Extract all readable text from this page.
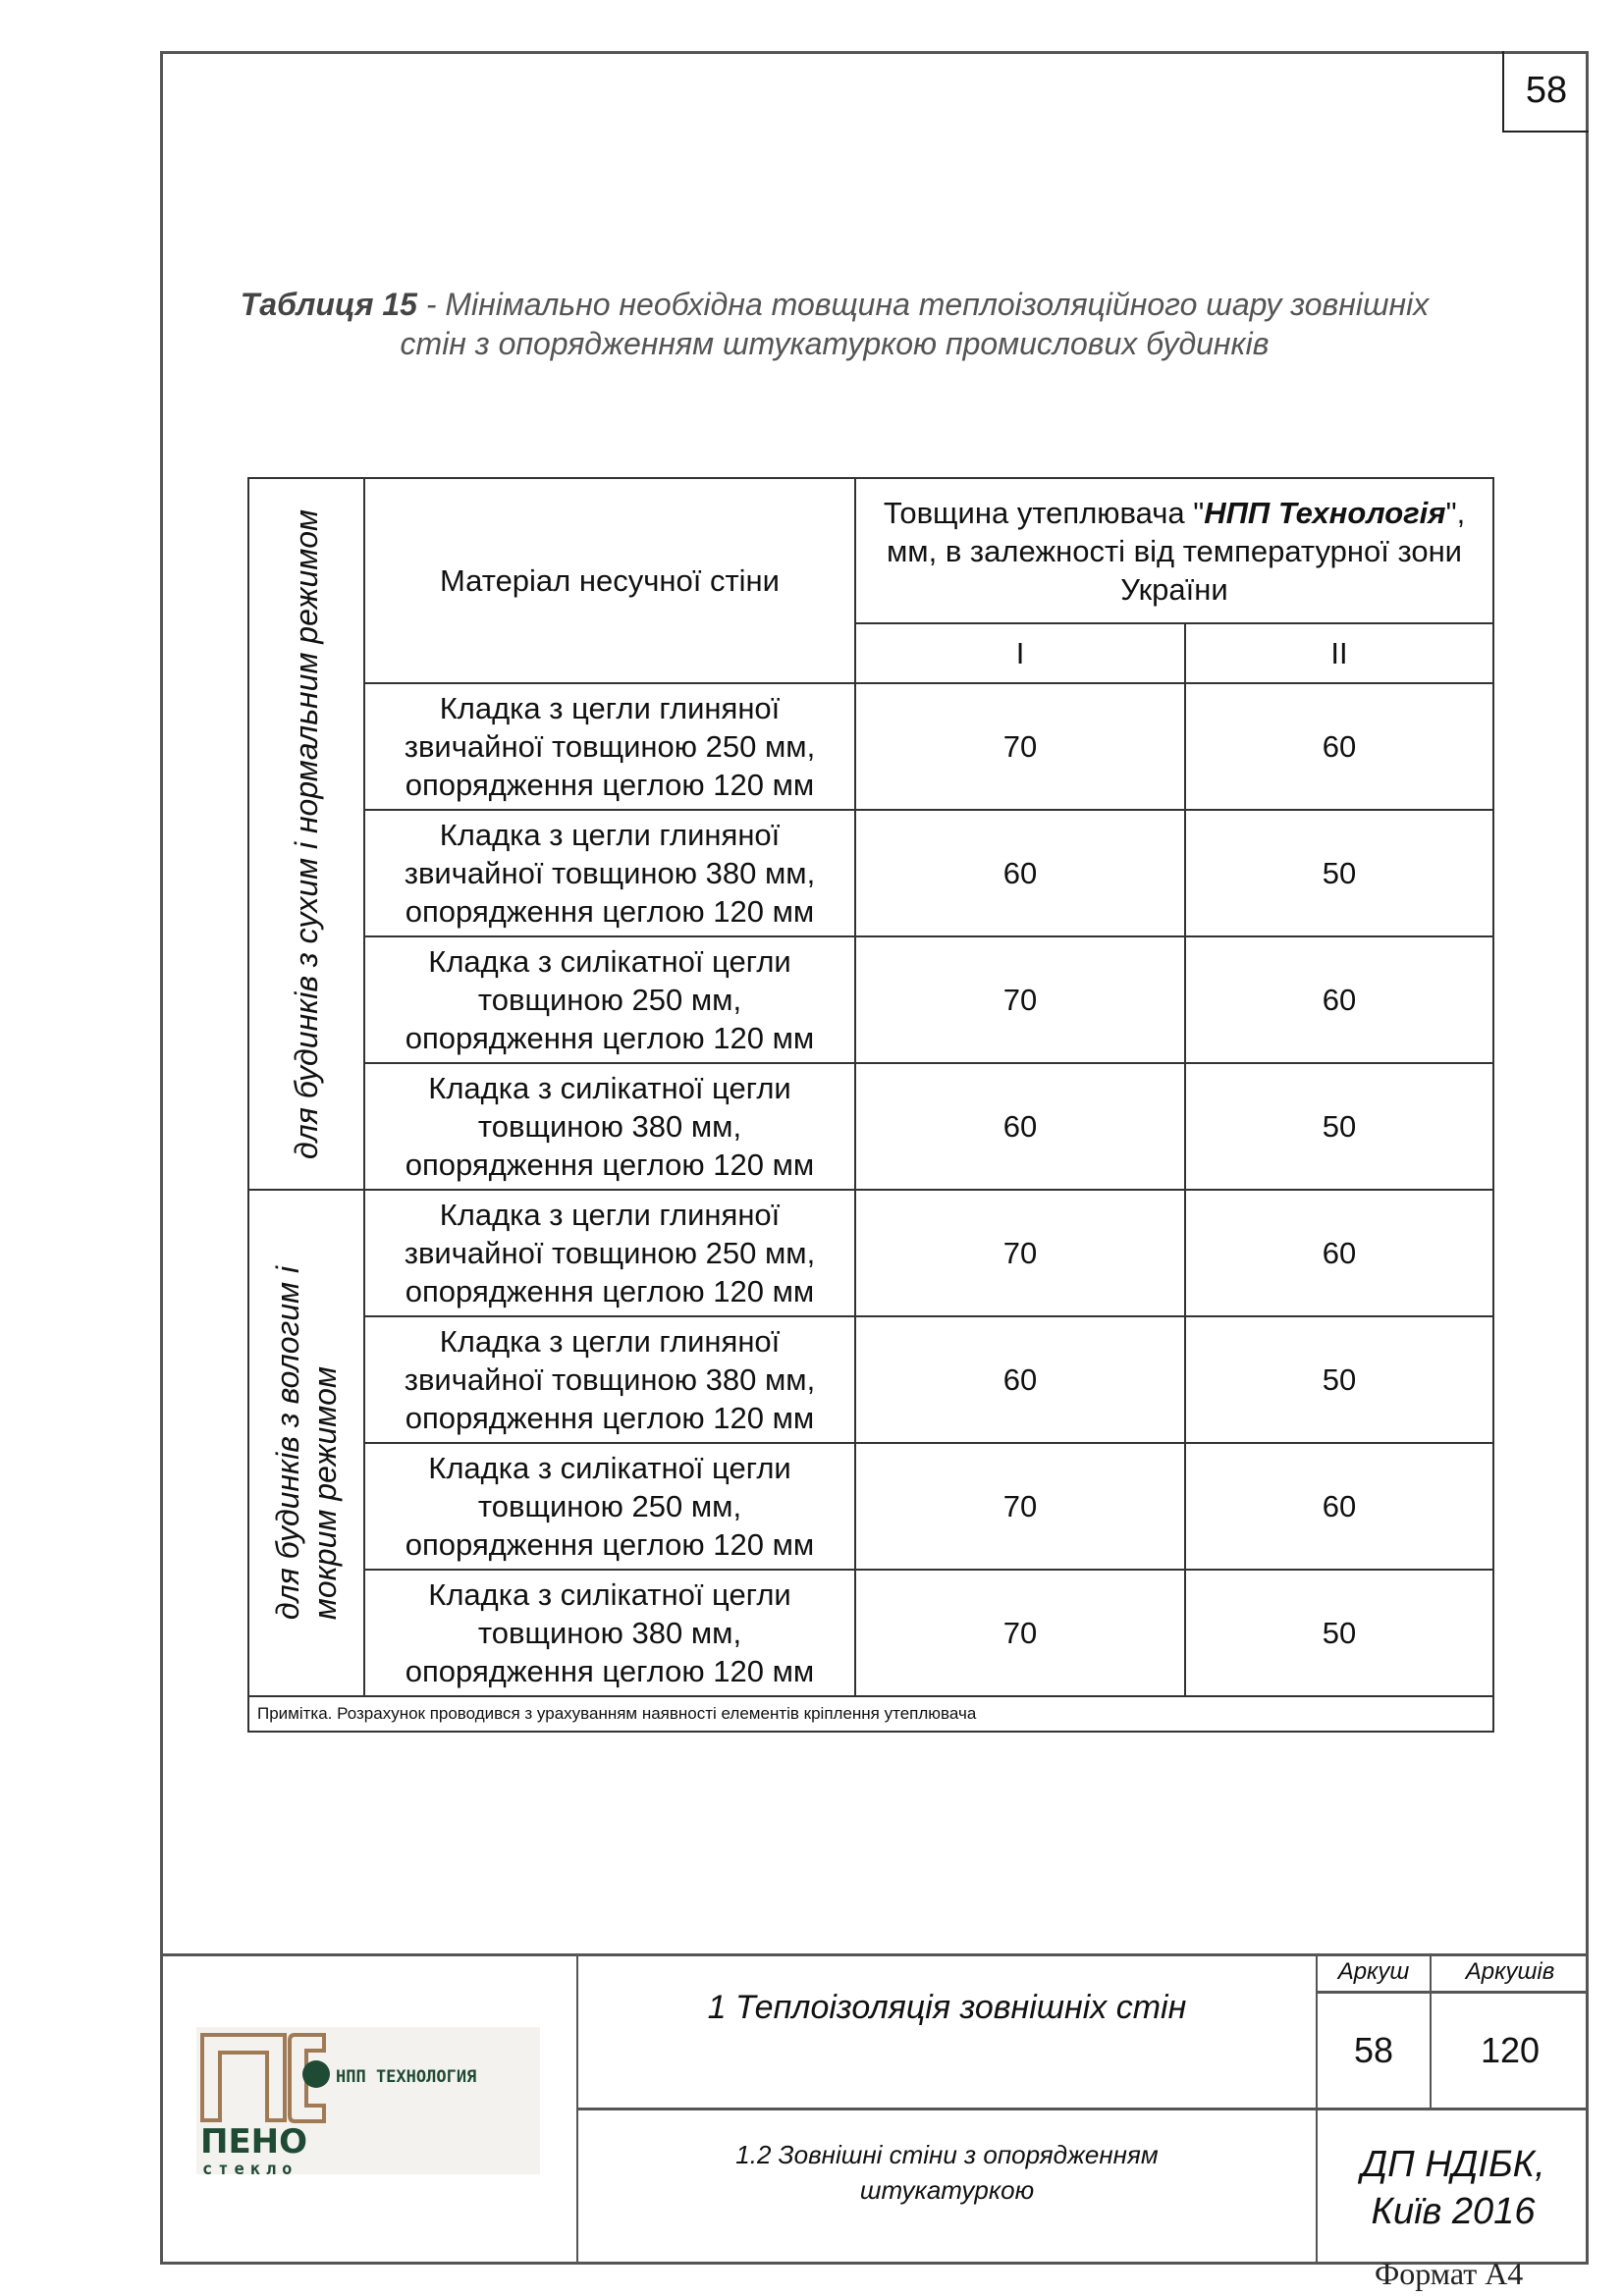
58
Таблиця 15 - Мінімально необхідна товщина теплоізоляційного шару зовнішніх
стін з опорядженням штукатуркою промислових будинків
для будинків з сухим і нормальним режимом	Матеріал несучної стіни	Товщина утеплювача "НПП Технологія",
мм, в залежності від температурної зони
України	

		I	II

	Кладка з цегли глиняної
звичайної товщиною 250 мм,
опорядження цеглою 120 мм	70	60

	Кладка з цегли глиняної
звичайної товщиною 380 мм,
опорядження цеглою 120 мм	60	50

	Кладка з силікатної цегли
товщиною 250 мм,
опорядження цеглою 120 мм	70	60

	Кладка з силікатної цегли
товщиною 380 мм,
опорядження цеглою 120 мм	60	50

для будинків з вологим і мокрим режимом

Кладка з цегли глиняної
звичайної товщиною 250 мм,
опорядження цеглою 120 мм
	70	60

	Кладка з цегли глиняної
звичайної товщиною 380 мм,
опорядження цеглою 120 мм	60	50

	Кладка з силікатної цегли
товщиною 250 мм,
опорядження цеглою 120 мм	70	60

	Кладка з силікатної цегли
товщиною 380 мм,
опорядження цеглою 120 мм	70	50
Примітка. Розрахунок проводився з урахуванням наявності елементів кріплення утеплювача			
1 Теплоізоляція зовнішніх стін
1.2 Зовнішні стіни з опорядженням
штукатуркою
Аркуш	Аркушів
58	120
ДП НДІБК,
Київ 2016
НПП ТЕХНОЛОГИЯ
ПЕНО
стекло
Формат А4
